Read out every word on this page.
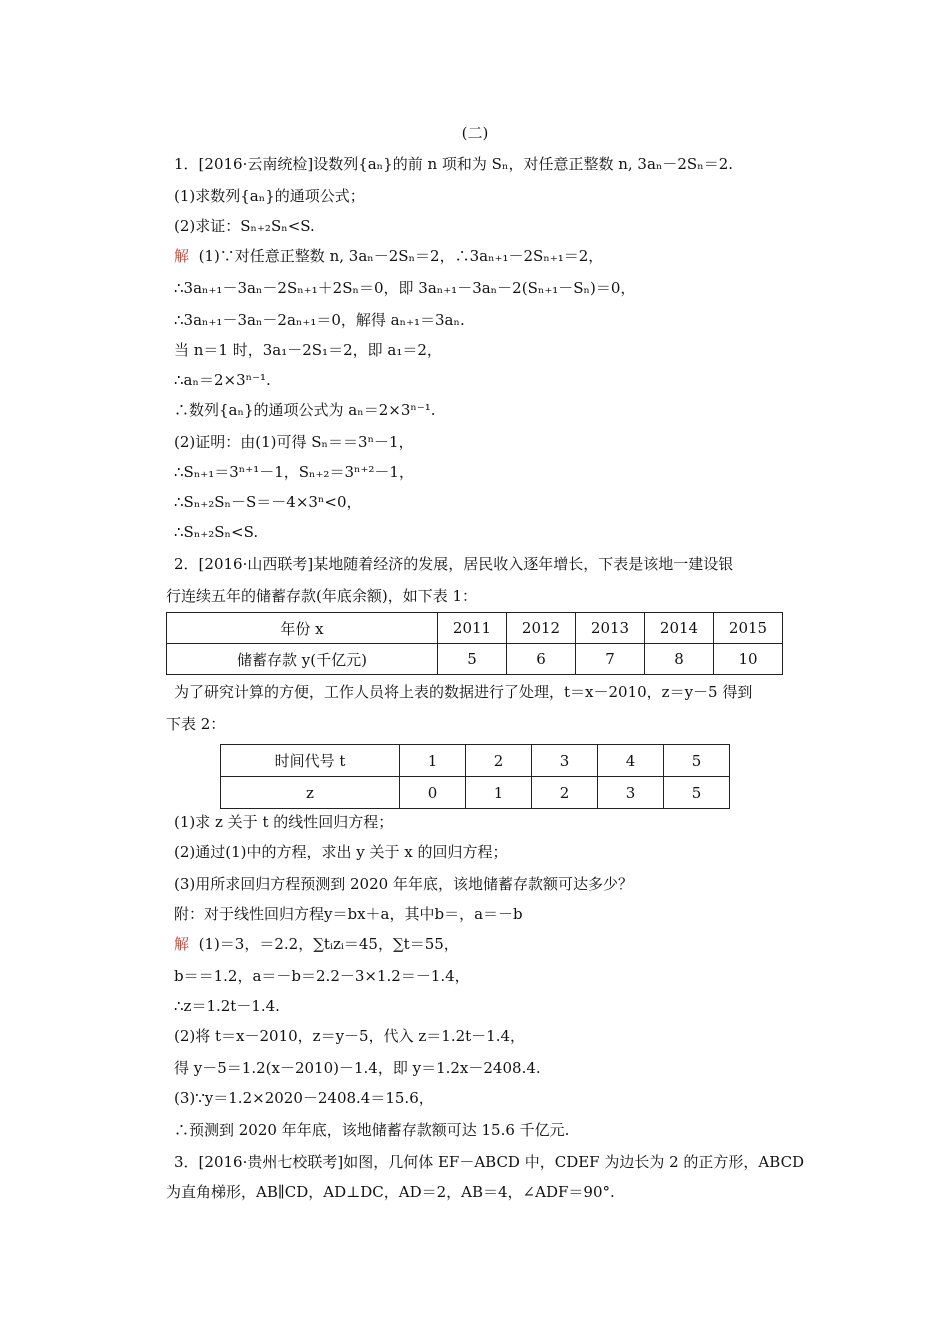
(二)
1．[2016·云南统检]设数列{aₙ}的前 n 项和为 Sₙ，对任意正整数 n, 3aₙ－2Sₙ＝2.
(1)求数列{aₙ}的通项公式；
(2)求证：Sₙ₊₂Sₙ<S.
解 (1)∵对任意正整数 n, 3aₙ－2Sₙ＝2，∴3aₙ₊₁－2Sₙ₊₁＝2，
∴3aₙ₊₁－3aₙ－2Sₙ₊₁＋2Sₙ＝0，即 3aₙ₊₁－3aₙ－2(Sₙ₊₁－Sₙ)＝0，
∴3aₙ₊₁－3aₙ－2aₙ₊₁＝0，解得 aₙ₊₁＝3aₙ.
当 n＝1 时，3a₁－2S₁＝2，即 a₁＝2，
∴aₙ＝2×3ⁿ⁻¹.
∴数列{aₙ}的通项公式为 aₙ＝2×3ⁿ⁻¹.
(2)证明：由(1)可得 Sₙ＝＝3ⁿ－1，
∴Sₙ₊₁＝3ⁿ⁺¹－1，Sₙ₊₂＝3ⁿ⁺²－1，
∴Sₙ₊₂Sₙ－S＝－4×3ⁿ<0，
∴Sₙ₊₂Sₙ<S.
2．[2016·山西联考]某地随着经济的发展，居民收入逐年增长，下表是该地一建设银
行连续五年的储蓄存款(年底余额)，如下表 1：
年份 x	2011	2012	2013	2014	2015
储蓄存款 y(千亿元)	5	6	7	8	10
为了研究计算的方便，工作人员将上表的数据进行了处理，t＝x－2010，z＝y－5 得到
下表 2：
时间代号 t	1	2	3	4	5
z	0	1	2	3	5
(1)求 z 关于 t 的线性回归方程；
(2)通过(1)中的方程，求出 y 关于 x 的回归方程；
(3)用所求回归方程预测到 2020 年年底，该地储蓄存款额可达多少？
附：对于线性回归方程y＝bx＋a，其中b＝，a＝－b
解 (1)＝3，＝2.2，∑tᵢzᵢ＝45，∑t＝55，
b＝＝1.2，a＝－b＝2.2－3×1.2＝－1.4，
∴z＝1.2t－1.4.
(2)将 t＝x－2010，z＝y－5，代入 z＝1.2t－1.4，
得 y－5＝1.2(x－2010)－1.4，即 y＝1.2x－2408.4.
(3)∵y＝1.2×2020－2408.4＝15.6，
∴预测到 2020 年年底，该地储蓄存款额可达 15.6 千亿元.
3．[2016·贵州七校联考]如图，几何体 EF－ABCD 中，CDEF 为边长为 2 的正方形，ABCD
为直角梯形，AB∥CD，AD⊥DC，AD＝2，AB＝4，∠ADF＝90°.
